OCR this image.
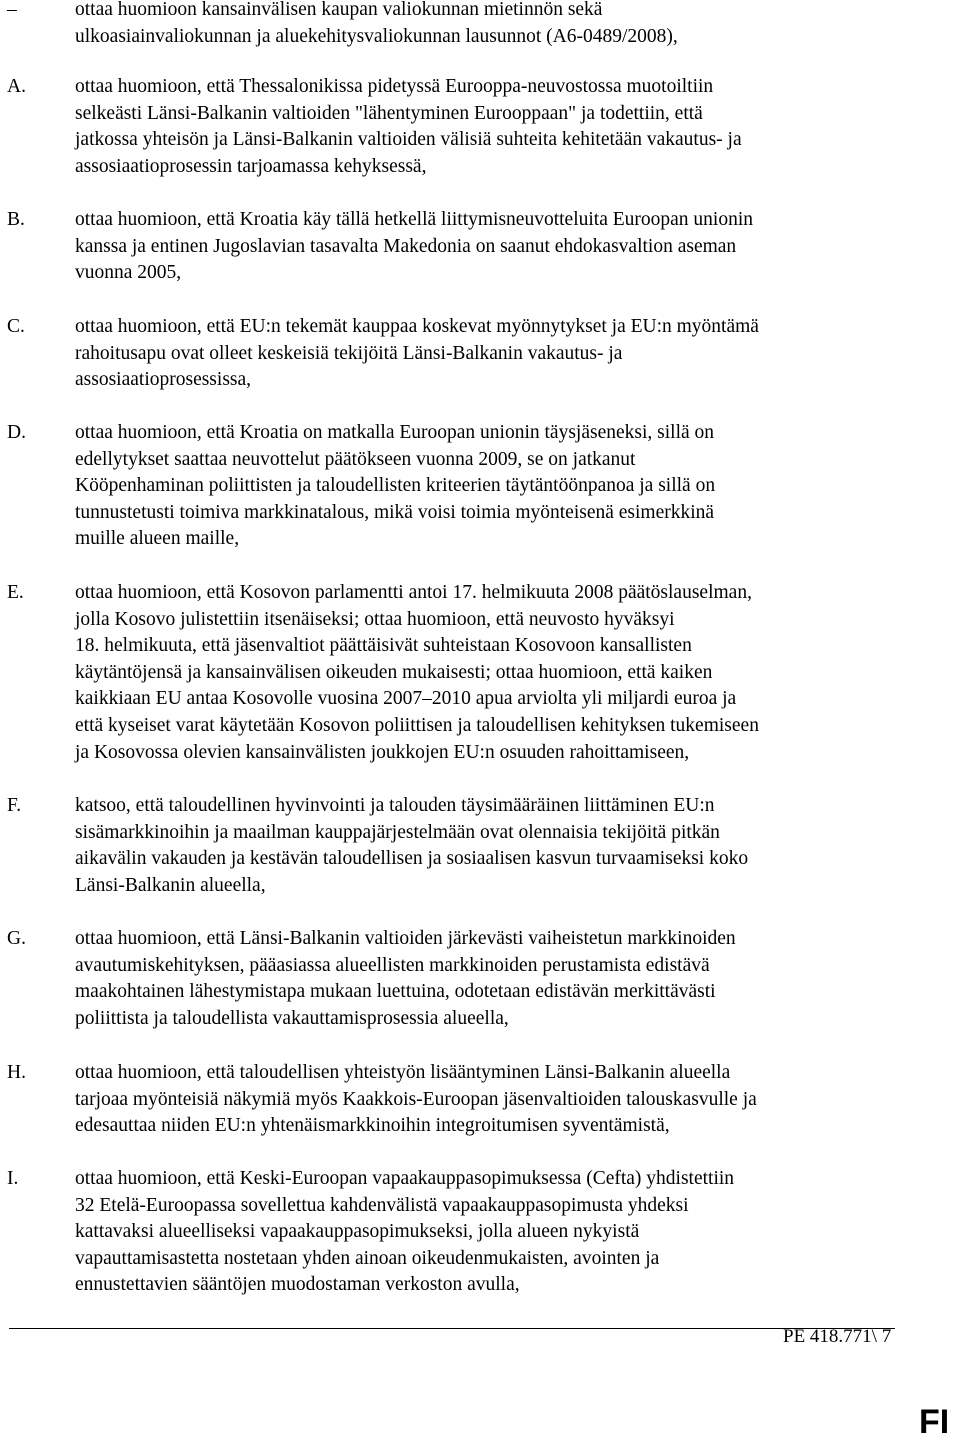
–	ottaa huomioon kansainvälisen kaupan valiokunnan mietinnön sekä
ulkoasiainvaliokunnan ja aluekehitysvaliokunnan lausunnot (A6-0489/2008),
A.	ottaa huomioon, että Thessalonikissa pidetyssä Eurooppa-neuvostossa muotoiltiin
selkeästi Länsi-Balkanin valtioiden "lähentyminen Eurooppaan" ja todettiin, että
jatkossa yhteisön ja Länsi-Balkanin valtioiden välisiä suhteita kehitetään vakautus- ja
assosiaatioprosessin tarjoamassa kehyksessä,
B.	ottaa huomioon, että Kroatia käy tällä hetkellä liittymisneuvotteluita Euroopan unionin
kanssa ja entinen Jugoslavian tasavalta Makedonia on saanut ehdokasvaltion aseman
vuonna 2005,
C.	ottaa huomioon, että EU:n tekemät kauppaa koskevat myönnytykset ja EU:n myöntämä
rahoitusapu ovat olleet keskeisiä tekijöitä Länsi-Balkanin vakautus- ja
assosiaatioprosessissa,
D.	ottaa huomioon, että Kroatia on matkalla Euroopan unionin täysjäseneksi, sillä on
edellytykset saattaa neuvottelut päätökseen vuonna 2009, se on jatkanut
Kööpenhaminan poliittisten ja taloudellisten kriteerien täytäntöönpanoa ja sillä on
tunnustetusti toimiva markkinatalous, mikä voisi toimia myönteisenä esimerkkinä
muille alueen maille,
E.	ottaa huomioon, että Kosovon parlamentti antoi 17. helmikuuta 2008 päätöslauselman,
jolla Kosovo julistettiin itsenäiseksi; ottaa huomioon, että neuvosto hyväksyi
18. helmikuuta, että jäsenvaltiot päättäisivät suhteistaan Kosovoon kansallisten
käytäntöjensä ja kansainvälisen oikeuden mukaisesti; ottaa huomioon, että kaiken
kaikkiaan EU antaa Kosovolle vuosina 2007–2010 apua arviolta yli miljardi euroa ja
että kyseiset varat käytetään Kosovon poliittisen ja taloudellisen kehityksen tukemiseen
ja Kosovossa olevien kansainvälisten joukkojen EU:n osuuden rahoittamiseen,
F.	katsoo, että taloudellinen hyvinvointi ja talouden täysimääräinen liittäminen EU:n
sisämarkkinoihin ja maailman kauppajärjestelmään ovat olennaisia tekijöitä pitkän
aikavälin vakauden ja kestävän taloudellisen ja sosiaalisen kasvun turvaamiseksi koko
Länsi-Balkanin alueella,
G.	ottaa huomioon, että Länsi-Balkanin valtioiden järkevästi vaiheistetun markkinoiden
avautumiskehityksen, pääasiassa alueellisten markkinoiden perustamista edistävä
maakohtainen lähestymistapa mukaan luettuina, odotetaan edistävän merkittävästi
poliittista ja taloudellista vakauttamisprosessia alueella,
H.	ottaa huomioon, että taloudellisen yhteistyön lisääntyminen Länsi-Balkanin alueella
tarjoaa myönteisiä näkymiä myös Kaakkois-Euroopan jäsenvaltioiden talouskasvulle ja
edesauttaa niiden EU:n yhtenäismarkkinoihin integroitumisen syventämistä,
I.	ottaa huomioon, että Keski-Euroopan vapaakauppasopimuksessa (Cefta) yhdistettiin
32 Etelä-Euroopassa sovellettua kahdenvälistä vapaakauppasopimusta yhdeksi
kattavaksi alueelliseksi vapaakauppasopimukseksi, jolla alueen nykyistä
vapauttamisastetta nostetaan yhden ainoan oikeudenmukaisten, avointen ja
ennustettavien sääntöjen muodostaman verkoston avulla,
PE 418.771\ 7
FI
